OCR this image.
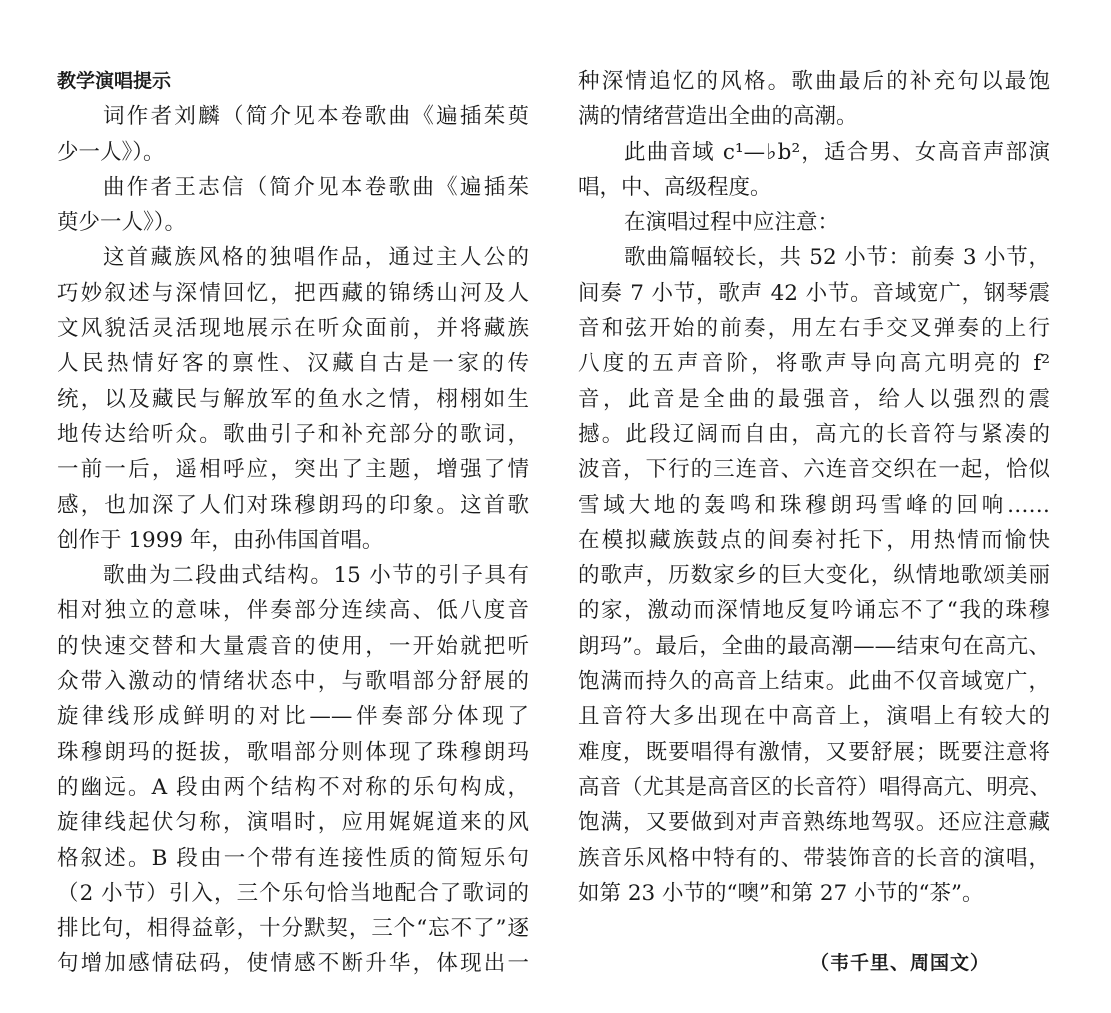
教学演唱提示
词作者刘麟（简介见本卷歌曲《遍插茱萸
少一人》）。
曲作者王志信（简介见本卷歌曲《遍插茱
萸少一人》）。
这首藏族风格的独唱作品，通过主人公的
巧妙叙述与深情回忆，把西藏的锦绣山河及人
文风貌活灵活现地展示在听众面前，并将藏族
人民热情好客的禀性、汉藏自古是一家的传
统，以及藏民与解放军的鱼水之情，栩栩如生
地传达给听众。歌曲引子和补充部分的歌词，
一前一后，遥相呼应，突出了主题，增强了情
感，也加深了人们对珠穆朗玛的印象。这首歌
创作于 1999 年，由孙伟国首唱。
歌曲为二段曲式结构。15 小节的引子具有
相对独立的意味，伴奏部分连续高、低八度音
的快速交替和大量震音的使用，一开始就把听
众带入激动的情绪状态中，与歌唱部分舒展的
旋律线形成鲜明的对比——伴奏部分体现了
珠穆朗玛的挺拔，歌唱部分则体现了珠穆朗玛
的幽远。A 段由两个结构不对称的乐句构成，
旋律线起伏匀称，演唱时，应用娓娓道来的风
格叙述。B 段由一个带有连接性质的简短乐句
（2 小节）引入，三个乐句恰当地配合了歌词的
排比句，相得益彰，十分默契，三个“忘不了”逐
句增加感情砝码，使情感不断升华，体现出一
种深情追忆的风格。歌曲最后的补充句以最饱
满的情绪营造出全曲的高潮。
此曲音域 c¹—♭b²，适合男、女高音声部演
唱，中、高级程度。
在演唱过程中应注意：
歌曲篇幅较长，共 52 小节：前奏 3 小节，
间奏 7 小节，歌声 42 小节。音域宽广，钢琴震
音和弦开始的前奏，用左右手交叉弹奏的上行
八度的五声音阶，将歌声导向高亢明亮的 f²
音，此音是全曲的最强音，给人以强烈的震
撼。此段辽阔而自由，高亢的长音符与紧凑的
波音，下行的三连音、六连音交织在一起，恰似
雪域大地的轰鸣和珠穆朗玛雪峰的回响……
在模拟藏族鼓点的间奏衬托下，用热情而愉快
的歌声，历数家乡的巨大变化，纵情地歌颂美丽
的家，激动而深情地反复吟诵忘不了“我的珠穆
朗玛”。最后，全曲的最高潮——结束句在高亢、
饱满而持久的高音上结束。此曲不仅音域宽广，
且音符大多出现在中高音上，演唱上有较大的
难度，既要唱得有激情，又要舒展；既要注意将
高音（尤其是高音区的长音符）唱得高亢、明亮、
饱满，又要做到对声音熟练地驾驭。还应注意藏
族音乐风格中特有的、带装饰音的长音的演唱，
如第 23 小节的“噢”和第 27 小节的“茶”。
（韦千里、周国文）
